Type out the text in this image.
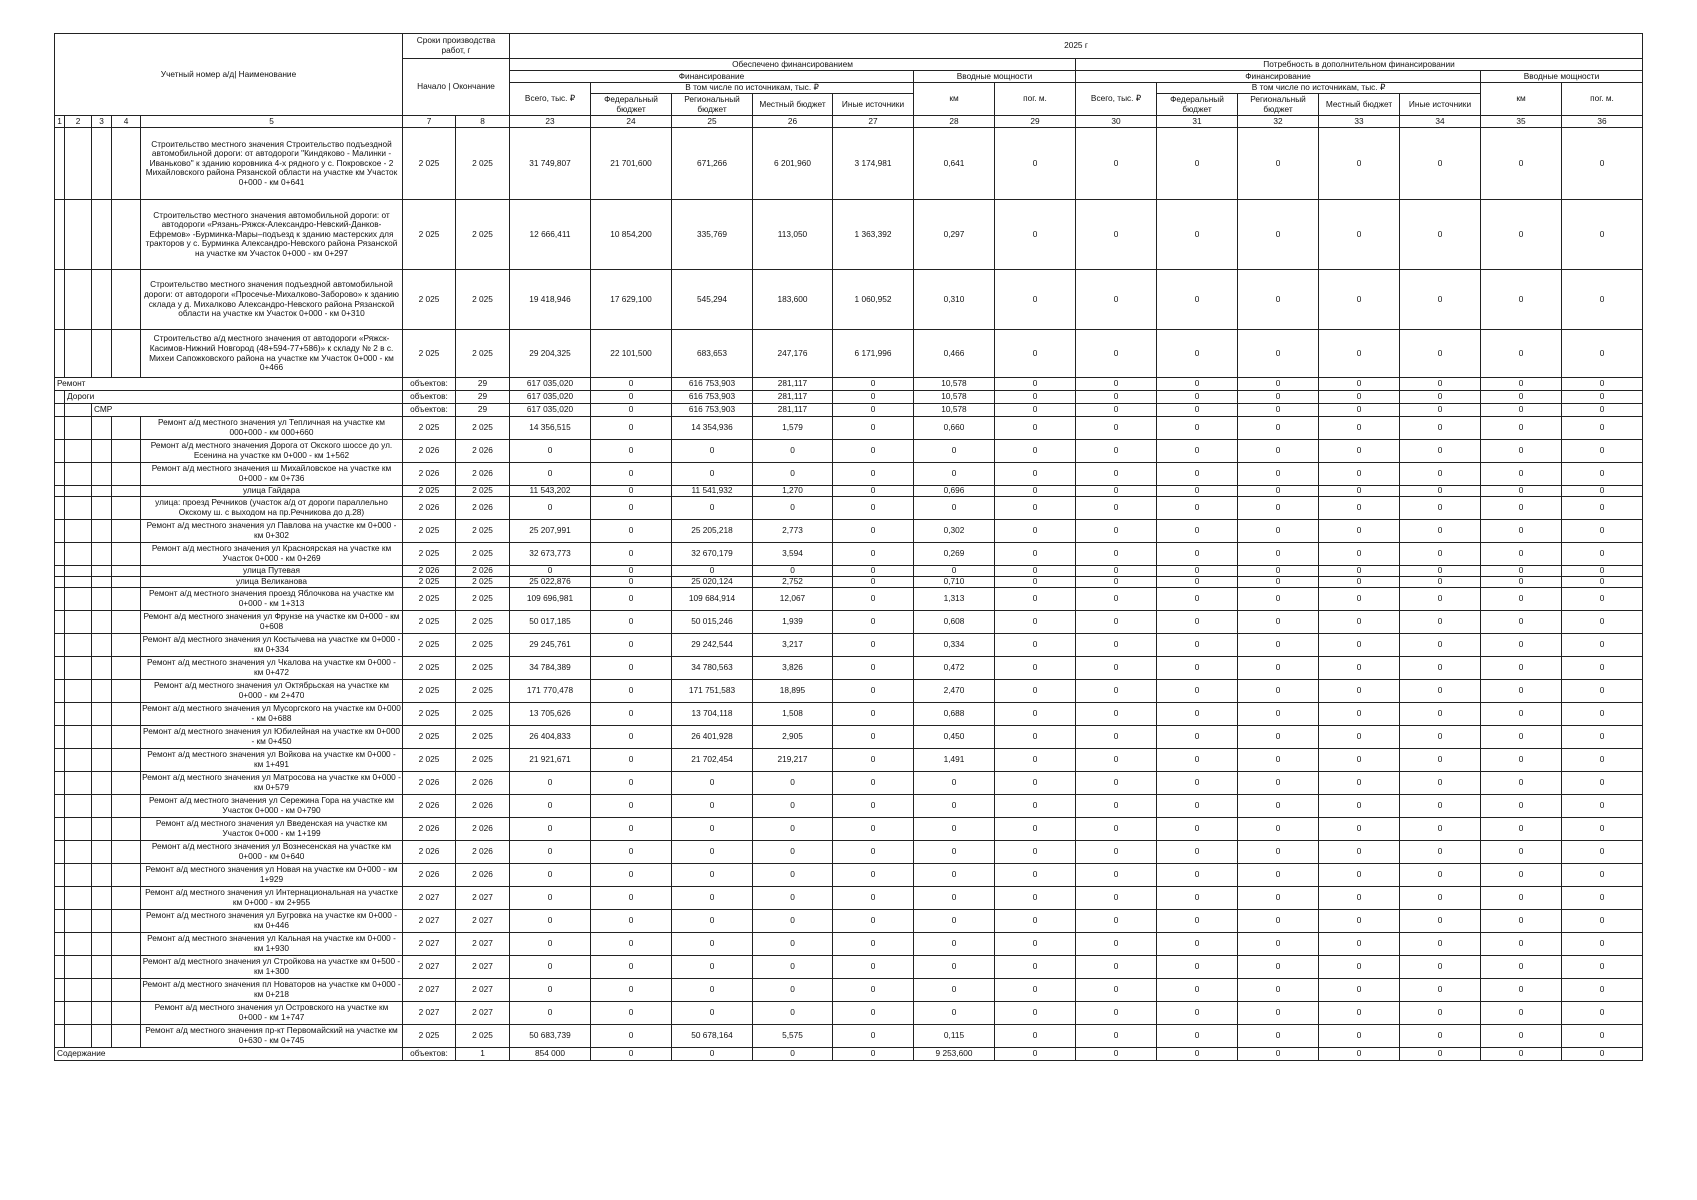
Учетный номер а/д| Наименование					Сроки производства работ, г		2025 г													
					Начало | Окончание		Обеспечено финансированием							Потребность в дополнительном финансировании						
							Финансирование					Вводные мощности		Финансирование					Вводные мощности	
							Всего, тыс. ₽	В том числе по источникам, тыс. ₽				км	пог. м.	Всего, тыс. ₽	В том числе по источникам, тыс. ₽				км	пог. м.
								Федеральный бюджет	Региональный бюджет	Местный бюджет	Иные источники				Федеральный бюджет	Региональный бюджет	Местный бюджет	Иные источники		
1	2	3	4	5	7	8	23	24	25	26	27	28	29	30	31	32	33	34	35	36
				Строительство местного значения Строительство подъездной автомобильной дороги: от автодороги "Киндяково - Малинки - Иваньково" к зданию коровника 4-х рядного у с. Покровское - 2 Михайловского района Рязанской области на участке км Участок 0+000 - км 0+641	2 025	2 025	31 749,807	21 701,600	671,266	6 201,960	3 174,981	0,641	0	0	0	0	0	0	0	0
				Строительство местного значения автомобильной дороги: от автодороги «Рязань-Ряжск-Александро-Невский-Данков-Ефремов» -Бурминка-Мары–подъезд к зданию мастерских для тракторов у с. Бурминка Александро-Невского района Рязанской на участке км Участок 0+000 - км 0+297	2 025	2 025	12 666,411	10 854,200	335,769	113,050	1 363,392	0,297	0	0	0	0	0	0	0	0
				Строительство местного значения подъездной автомобильной дороги: от автодороги «Просечье-Михалково-Заборово» к зданию склада у д. Михалково Александро-Невского района Рязанской области на участке км Участок 0+000 - км 0+310	2 025	2 025	19 418,946	17 629,100	545,294	183,600	1 060,952	0,310	0	0	0	0	0	0	0	0
				Строительство а/д местного значения от автодороги «Ряжск-Касимов-Нижний Новгород (48+594-77+586)» к складу № 2 в с. Михеи Сапожковского района на участке км Участок 0+000 - км 0+466	2 025	2 025	29 204,325	22 101,500	683,653	247,176	6 171,996	0,466	0	0	0	0	0	0	0	0
Ремонт					объектов:	29	617 035,020	0	616 753,903	281,117	0	10,578	0	0	0	0	0	0	0	0
	Дороги				объектов:	29	617 035,020	0	616 753,903	281,117	0	10,578	0	0	0	0	0	0	0	0
		СМР			объектов:	29	617 035,020	0	616 753,903	281,117	0	10,578	0	0	0	0	0	0	0	0
				Ремонт а/д местного значения ул Тепличная на участке км 000+000 - км 000+660	2 025	2 025	14 356,515	0	14 354,936	1,579	0	0,660	0	0	0	0	0	0	0	0
				Ремонт а/д местного значения Дорога от Окского шоссе до ул. Есенина на участке км 0+000 - км 1+562	2 026	2 026	0	0	0	0	0	0	0	0	0	0	0	0	0	0
				Ремонт а/д местного значения ш Михайловское на участке км 0+000 - км 0+736	2 026	2 026	0	0	0	0	0	0	0	0	0	0	0	0	0	0
				улица Гайдара	2 025	2 025	11 543,202	0	11 541,932	1,270	0	0,696	0	0	0	0	0	0	0	0
				улица: проезд Речников (участок а/д от дороги параллельно Окскому ш. с выходом на пр.Речникова до д.28)	2 026	2 026	0	0	0	0	0	0	0	0	0	0	0	0	0	0
				Ремонт а/д местного значения ул Павлова на участке км 0+000 - км 0+302	2 025	2 025	25 207,991	0	25 205,218	2,773	0	0,302	0	0	0	0	0	0	0	0
				Ремонт а/д местного значения ул Красноярская на участке км Участок 0+000 - км 0+269	2 025	2 025	32 673,773	0	32 670,179	3,594	0	0,269	0	0	0	0	0	0	0	0
				улица Путевая	2 026	2 026	0	0	0	0	0	0	0	0	0	0	0	0	0	0
				улица Великанова	2 025	2 025	25 022,876	0	25 020,124	2,752	0	0,710	0	0	0	0	0	0	0	0
				Ремонт а/д местного значения проезд Яблочкова на участке км 0+000 - км 1+313	2 025	2 025	109 696,981	0	109 684,914	12,067	0	1,313	0	0	0	0	0	0	0	0
				Ремонт а/д местного значения ул Фрунзе на участке км 0+000 - км 0+608	2 025	2 025	50 017,185	0	50 015,246	1,939	0	0,608	0	0	0	0	0	0	0	0
				Ремонт а/д местного значения ул Костычева на участке км 0+000 - км 0+334	2 025	2 025	29 245,761	0	29 242,544	3,217	0	0,334	0	0	0	0	0	0	0	0
				Ремонт а/д местного значения ул Чкалова на участке км 0+000 - км 0+472	2 025	2 025	34 784,389	0	34 780,563	3,826	0	0,472	0	0	0	0	0	0	0	0
				Ремонт а/д местного значения ул Октябрьская на участке км 0+000 - км 2+470	2 025	2 025	171 770,478	0	171 751,583	18,895	0	2,470	0	0	0	0	0	0	0	0
				Ремонт а/д местного значения ул Мусоргского на участке км 0+000 - км 0+688	2 025	2 025	13 705,626	0	13 704,118	1,508	0	0,688	0	0	0	0	0	0	0	0
				Ремонт а/д местного значения ул Юбилейная на участке км 0+000 - км 0+450	2 025	2 025	26 404,833	0	26 401,928	2,905	0	0,450	0	0	0	0	0	0	0	0
				Ремонт а/д местного значения ул Войкова на участке км 0+000 - км 1+491	2 025	2 025	21 921,671	0	21 702,454	219,217	0	1,491	0	0	0	0	0	0	0	0
				Ремонт а/д местного значения ул Матросова на участке км 0+000 - км 0+579	2 026	2 026	0	0	0	0	0	0	0	0	0	0	0	0	0	0
				Ремонт а/д местного значения ул Сережина Гора на участке км Участок 0+000 - км 0+790	2 026	2 026	0	0	0	0	0	0	0	0	0	0	0	0	0	0
				Ремонт а/д местного значения ул Введенская на участке км Участок 0+000 - км 1+199	2 026	2 026	0	0	0	0	0	0	0	0	0	0	0	0	0	0
				Ремонт а/д местного значения ул Вознесенская на участке км 0+000 - км 0+640	2 026	2 026	0	0	0	0	0	0	0	0	0	0	0	0	0	0
				Ремонт а/д местного значения ул Новая на участке км 0+000 - км 1+929	2 026	2 026	0	0	0	0	0	0	0	0	0	0	0	0	0	0
				Ремонт а/д местного значения ул Интернациональная на участке км 0+000 - км 2+955	2 027	2 027	0	0	0	0	0	0	0	0	0	0	0	0	0	0
				Ремонт а/д местного значения ул Бугровка на участке км 0+000 - км 0+446	2 027	2 027	0	0	0	0	0	0	0	0	0	0	0	0	0	0
				Ремонт а/д местного значения ул Кальная на участке км 0+000 - км 1+930	2 027	2 027	0	0	0	0	0	0	0	0	0	0	0	0	0	0
				Ремонт а/д местного значения ул Стройкова на участке км 0+500 - км 1+300	2 027	2 027	0	0	0	0	0	0	0	0	0	0	0	0	0	0
				Ремонт а/д местного значения пл Новаторов на участке км 0+000 - км 0+218	2 027	2 027	0	0	0	0	0	0	0	0	0	0	0	0	0	0
				Ремонт а/д местного значения ул Островского на участке км 0+000 - км 1+747	2 027	2 027	0	0	0	0	0	0	0	0	0	0	0	0	0	0
				Ремонт а/д местного значения пр-кт Первомайский на участке км 0+630 - км 0+745	2 025	2 025	50 683,739	0	50 678,164	5,575	0	0,115	0	0	0	0	0	0	0	0
Содержание					объектов:	1	854 000	0	0	0	0	9 253,600	0	0	0	0	0	0	0	0
